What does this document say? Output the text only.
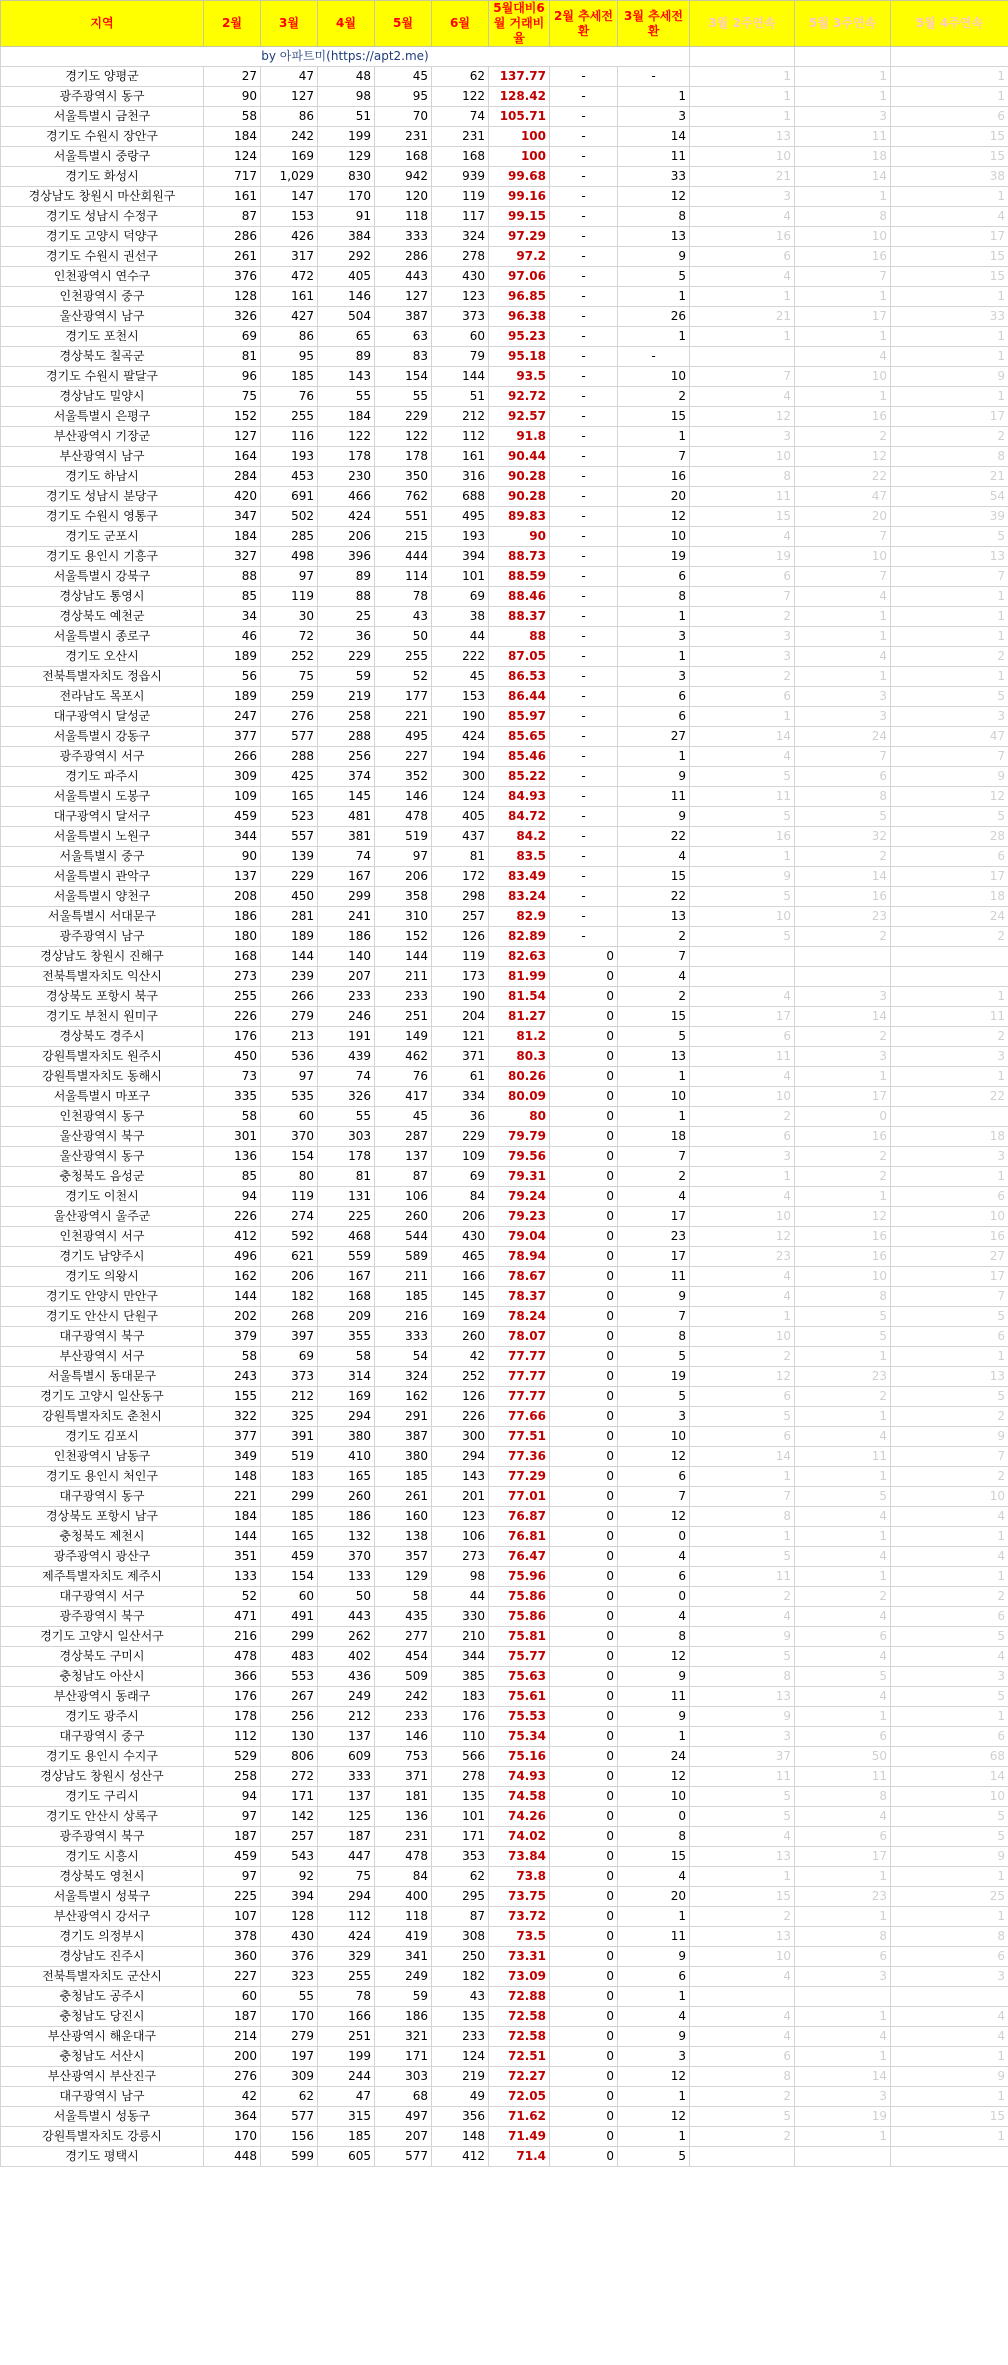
지역	2월	3월	4월	5월	6월	5월대비6월 거래비율	2월 추세전환	3월 추세전환	3월 2주연속	5월 3주연속	5월 4주연속
by 아파트미(https://apt2.me)											
경기도 양평군	27	47	48	45	62	137.77	-	-	1	1	1
광주광역시 동구	90	127	98	95	122	128.42	-	1	1	1	1
서울특별시 금천구	58	86	51	70	74	105.71	-	3	1	3	6
경기도 수원시 장안구	184	242	199	231	231	100	-	14	13	11	15
서울특별시 중랑구	124	169	129	168	168	100	-	11	10	18	15
경기도 화성시	717	1,029	830	942	939	99.68	-	33	21	14	38
경상남도 창원시 마산회원구	161	147	170	120	119	99.16	-	12	3	1	1
경기도 성남시 수정구	87	153	91	118	117	99.15	-	8	4	8	4
경기도 고양시 덕양구	286	426	384	333	324	97.29	-	13	16	10	17
경기도 수원시 권선구	261	317	292	286	278	97.2	-	9	6	16	15
인천광역시 연수구	376	472	405	443	430	97.06	-	5	4	7	15
인천광역시 중구	128	161	146	127	123	96.85	-	1	1	1	1
울산광역시 남구	326	427	504	387	373	96.38	-	26	21	17	33
경기도 포천시	69	86	65	63	60	95.23	-	1	1	1	1
경상북도 칠곡군	81	95	89	83	79	95.18	-	-		4	1
경기도 수원시 팔달구	96	185	143	154	144	93.5	-	10	7	10	9
경상남도 밀양시	75	76	55	55	51	92.72	-	2	4	1	1
서울특별시 은평구	152	255	184	229	212	92.57	-	15	12	16	17
부산광역시 기장군	127	116	122	122	112	91.8	-	1	3	2	2
부산광역시 남구	164	193	178	178	161	90.44	-	7	10	12	8
경기도 하남시	284	453	230	350	316	90.28	-	16	8	22	21
경기도 성남시 분당구	420	691	466	762	688	90.28	-	20	11	47	54
경기도 수원시 영통구	347	502	424	551	495	89.83	-	12	15	20	39
경기도 군포시	184	285	206	215	193	90	-	10	4	7	5
경기도 용인시 기흥구	327	498	396	444	394	88.73	-	19	19	10	13
서울특별시 강북구	88	97	89	114	101	88.59	-	6	6	7	7
경상남도 통영시	85	119	88	78	69	88.46	-	8	7	4	1
경상북도 예천군	34	30	25	43	38	88.37	-	1	2	1	1
서울특별시 종로구	46	72	36	50	44	88	-	3	3	1	1
경기도 오산시	189	252	229	255	222	87.05	-	1	3	4	2
전북특별자치도 정읍시	56	75	59	52	45	86.53	-	3	2	1	1
전라남도 목포시	189	259	219	177	153	86.44	-	6	6	3	5
대구광역시 달성군	247	276	258	221	190	85.97	-	6	1	3	3
서울특별시 강동구	377	577	288	495	424	85.65	-	27	14	24	47
광주광역시 서구	266	288	256	227	194	85.46	-	1	4	7	7
경기도 파주시	309	425	374	352	300	85.22	-	9	5	6	9
서울특별시 도봉구	109	165	145	146	124	84.93	-	11	11	8	12
대구광역시 달서구	459	523	481	478	405	84.72	-	9	5	5	5
서울특별시 노원구	344	557	381	519	437	84.2	-	22	16	32	28
서울특별시 중구	90	139	74	97	81	83.5	-	4	1	2	6
서울특별시 관악구	137	229	167	206	172	83.49	-	15	9	14	17
서울특별시 양천구	208	450	299	358	298	83.24	-	22	5	16	18
서울특별시 서대문구	186	281	241	310	257	82.9	-	13	10	23	24
광주광역시 남구	180	189	186	152	126	82.89	-	2	5	2	2
경상남도 창원시 진해구	168	144	140	144	119	82.63	0	7			
전북특별자치도 익산시	273	239	207	211	173	81.99	0	4			
경상북도 포항시 북구	255	266	233	233	190	81.54	0	2	4	3	1
경기도 부천시 원미구	226	279	246	251	204	81.27	0	15	17	14	11
경상북도 경주시	176	213	191	149	121	81.2	0	5	6	2	2
강원특별자치도 원주시	450	536	439	462	371	80.3	0	13	11	3	3
강원특별자치도 동해시	73	97	74	76	61	80.26	0	1	4	1	1
서울특별시 마포구	335	535	326	417	334	80.09	0	10	10	17	22
인천광역시 동구	58	60	55	45	36	80	0	1	2	0	
울산광역시 북구	301	370	303	287	229	79.79	0	18	6	16	18
울산광역시 동구	136	154	178	137	109	79.56	0	7	3	2	3
충청북도 음성군	85	80	81	87	69	79.31	0	2	1	2	1
경기도 이천시	94	119	131	106	84	79.24	0	4	4	1	6
울산광역시 울주군	226	274	225	260	206	79.23	0	17	10	12	10
인천광역시 서구	412	592	468	544	430	79.04	0	23	12	16	16
경기도 남양주시	496	621	559	589	465	78.94	0	17	23	16	27
경기도 의왕시	162	206	167	211	166	78.67	0	11	4	10	17
경기도 안양시 만안구	144	182	168	185	145	78.37	0	9	4	8	7
경기도 안산시 단원구	202	268	209	216	169	78.24	0	7	1	5	5
대구광역시 북구	379	397	355	333	260	78.07	0	8	10	5	6
부산광역시 서구	58	69	58	54	42	77.77	0	5	2	1	1
서울특별시 동대문구	243	373	314	324	252	77.77	0	19	12	23	13
경기도 고양시 일산동구	155	212	169	162	126	77.77	0	5	6	2	5
강원특별자치도 춘천시	322	325	294	291	226	77.66	0	3	5	1	2
경기도 김포시	377	391	380	387	300	77.51	0	10	6	4	9
인천광역시 남동구	349	519	410	380	294	77.36	0	12	14	11	7
경기도 용인시 처인구	148	183	165	185	143	77.29	0	6	1	1	2
대구광역시 동구	221	299	260	261	201	77.01	0	7	7	5	10
경상북도 포항시 남구	184	185	186	160	123	76.87	0	12	8	4	4
충청북도 제천시	144	165	132	138	106	76.81	0	0	1	1	1
광주광역시 광산구	351	459	370	357	273	76.47	0	4	5	4	4
제주특별자치도 제주시	133	154	133	129	98	75.96	0	6	11	1	1
대구광역시 서구	52	60	50	58	44	75.86	0	0	2	2	2
광주광역시 북구	471	491	443	435	330	75.86	0	4	4	4	6
경기도 고양시 일산서구	216	299	262	277	210	75.81	0	8	9	6	5
경상북도 구미시	478	483	402	454	344	75.77	0	12	5	4	4
충청남도 아산시	366	553	436	509	385	75.63	0	9	8	5	3
부산광역시 동래구	176	267	249	242	183	75.61	0	11	13	4	5
경기도 광주시	178	256	212	233	176	75.53	0	9	9	1	1
대구광역시 중구	112	130	137	146	110	75.34	0	1	3	6	6
경기도 용인시 수지구	529	806	609	753	566	75.16	0	24	37	50	68
경상남도 창원시 성산구	258	272	333	371	278	74.93	0	12	11	11	14
경기도 구리시	94	171	137	181	135	74.58	0	10	5	8	10
경기도 안산시 상록구	97	142	125	136	101	74.26	0	0	5	4	5
광주광역시 북구	187	257	187	231	171	74.02	0	8	4	6	5
경기도 시흥시	459	543	447	478	353	73.84	0	15	13	17	9
경상북도 영천시	97	92	75	84	62	73.8	0	4	1	1	1
서울특별시 성북구	225	394	294	400	295	73.75	0	20	15	23	25
부산광역시 강서구	107	128	112	118	87	73.72	0	1	2	1	1
경기도 의정부시	378	430	424	419	308	73.5	0	11	13	8	8
경상남도 진주시	360	376	329	341	250	73.31	0	9	10	6	6
전북특별자치도 군산시	227	323	255	249	182	73.09	0	6	4	3	3
충청남도 공주시	60	55	78	59	43	72.88	0	1			
충청남도 당진시	187	170	166	186	135	72.58	0	4	4	1	4
부산광역시 해운대구	214	279	251	321	233	72.58	0	9	4	4	4
충청남도 서산시	200	197	199	171	124	72.51	0	3	6	1	1
부산광역시 부산진구	276	309	244	303	219	72.27	0	12	8	14	9
대구광역시 남구	42	62	47	68	49	72.05	0	1	2	3	1
서울특별시 성동구	364	577	315	497	356	71.62	0	12	5	19	15
강원특별자치도 강릉시	170	156	185	207	148	71.49	0	1	2	1	1
경기도 평택시	448	599	605	577	412	71.4	0	5			
